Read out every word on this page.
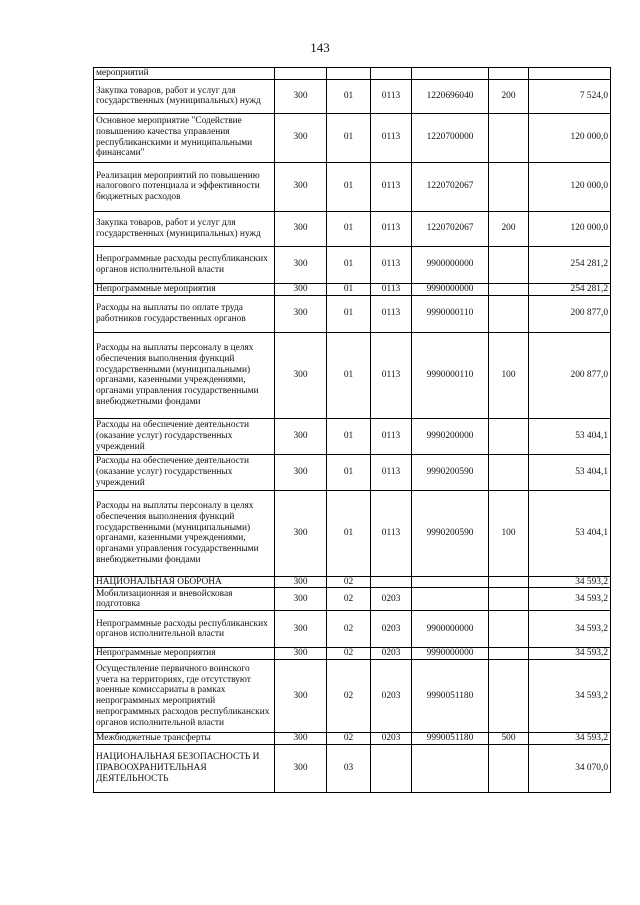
143
мероприятий						
Закупка товаров, работ и услуг для государственных (муниципальных) нужд	300	01	0113	1220696040	200	7 524,0
Основное мероприятие "Содействие повышению качества управления республиканскими и муниципальными финансами"	300	01	0113	1220700000		120 000,0
Реализация мероприятий по повышению налогового потенциала и эффективности бюджетных расходов	300	01	0113	1220702067		120 000,0
Закупка товаров, работ и услуг для государственных (муниципальных) нужд	300	01	0113	1220702067	200	120 000,0
Непрограммные расходы республиканских органов исполнительной власти	300	01	0113	9900000000		254 281,2
Непрограммные мероприятия	300	01	0113	9990000000		254 281,2
Расходы на выплаты по оплате труда работников государственных органов	300	01	0113	9990000110		200 877,0
Расходы на выплаты персоналу в целях обеспечения выполнения функций государственными (муниципальными) органами, казенными учреждениями, органами управления государственными внебюджетными фондами	300	01	0113	9990000110	100	200 877,0
Расходы на обеспечение деятельности (оказание услуг) государственных учреждений	300	01	0113	9990200000		53 404,1
Расходы на обеспечение деятельности (оказание услуг) государственных учреждений	300	01	0113	9990200590		53 404,1
Расходы на выплаты персоналу в целях обеспечения выполнения функций государственными (муниципальными) органами, казенными учреждениями, органами управления государственными внебюджетными фондами	300	01	0113	9990200590	100	53 404,1
НАЦИОНАЛЬНАЯ ОБОРОНА	300	02				34 593,2
Мобилизационная и вневойсковая подготовка	300	02	0203			34 593,2
Непрограммные расходы республиканских органов исполнительной власти	300	02	0203	9900000000		34 593,2
Непрограммные мероприятия	300	02	0203	9990000000		34 593,2
Осуществление первичного воинского учета на территориях, где отсутствуют военные комиссариаты в рамках непрограммных мероприятий непрограммных расходов республиканских органов исполнительной власти	300	02	0203	9990051180		34 593,2
Межбюджетные трансферты	300	02	0203	9990051180	500	34 593,2
НАЦИОНАЛЬНАЯ БЕЗОПАСНОСТЬ И ПРАВООХРАНИТЕЛЬНАЯ ДЕЯТЕЛЬНОСТЬ	300	03				34 070,0
